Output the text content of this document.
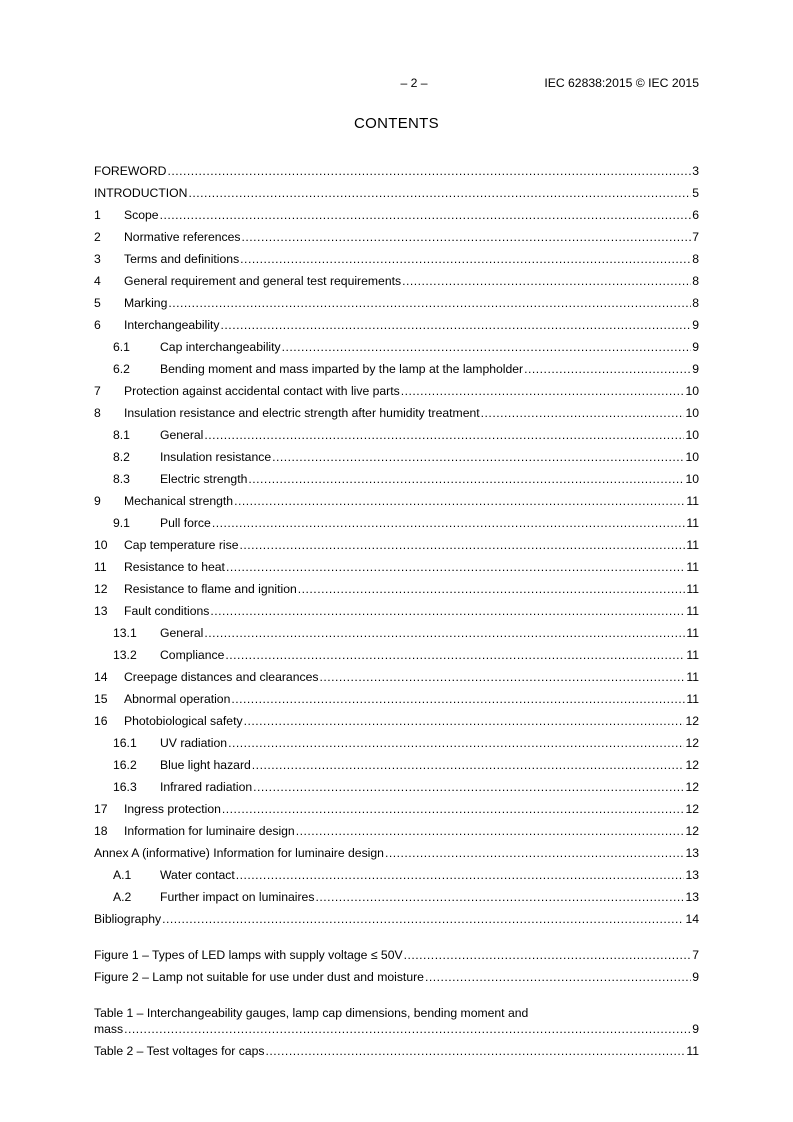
– 2 –	IEC 62838:2015 © IEC 2015
CONTENTS
FOREWORD .....	3
INTRODUCTION .....	5
1	Scope .....	6
2	Normative references .....	7
3	Terms and definitions .....	8
4	General requirement and general test requirements .....	8
5	Marking .....	8
6	Interchangeability .....	9
6.1	Cap interchangeability .....	9
6.2	Bending moment and mass imparted by the lamp at the lampholder .....	9
7	Protection against accidental contact with live parts .....	10
8	Insulation resistance and electric strength after humidity treatment .....	10
8.1	General .....	10
8.2	Insulation resistance .....	10
8.3	Electric strength .....	10
9	Mechanical strength .....	11
9.1	Pull force .....	11
10	Cap temperature rise .....	11
11	Resistance to heat .....	11
12	Resistance to flame and ignition .....	11
13	Fault conditions .....	11
13.1	General .....	11
13.2	Compliance .....	11
14	Creepage distances and clearances .....	11
15	Abnormal operation .....	11
16	Photobiological safety .....	12
16.1	UV radiation .....	12
16.2	Blue light hazard .....	12
16.3	Infrared radiation .....	12
17	Ingress protection .....	12
18	Information for luminaire design .....	12
Annex A (informative) Information for luminaire design .....	13
A.1	Water contact .....	13
A.2	Further impact on luminaires .....	13
Bibliography .....	14
Figure 1 – Types of LED lamps with supply voltage ≤ 50V .....	7
Figure 2 – Lamp not suitable for use under dust and moisture .....	9
Table 1 – Interchangeability gauges, lamp cap dimensions, bending moment and
mass .....	9
Table 2 – Test voltages for caps .....	11
